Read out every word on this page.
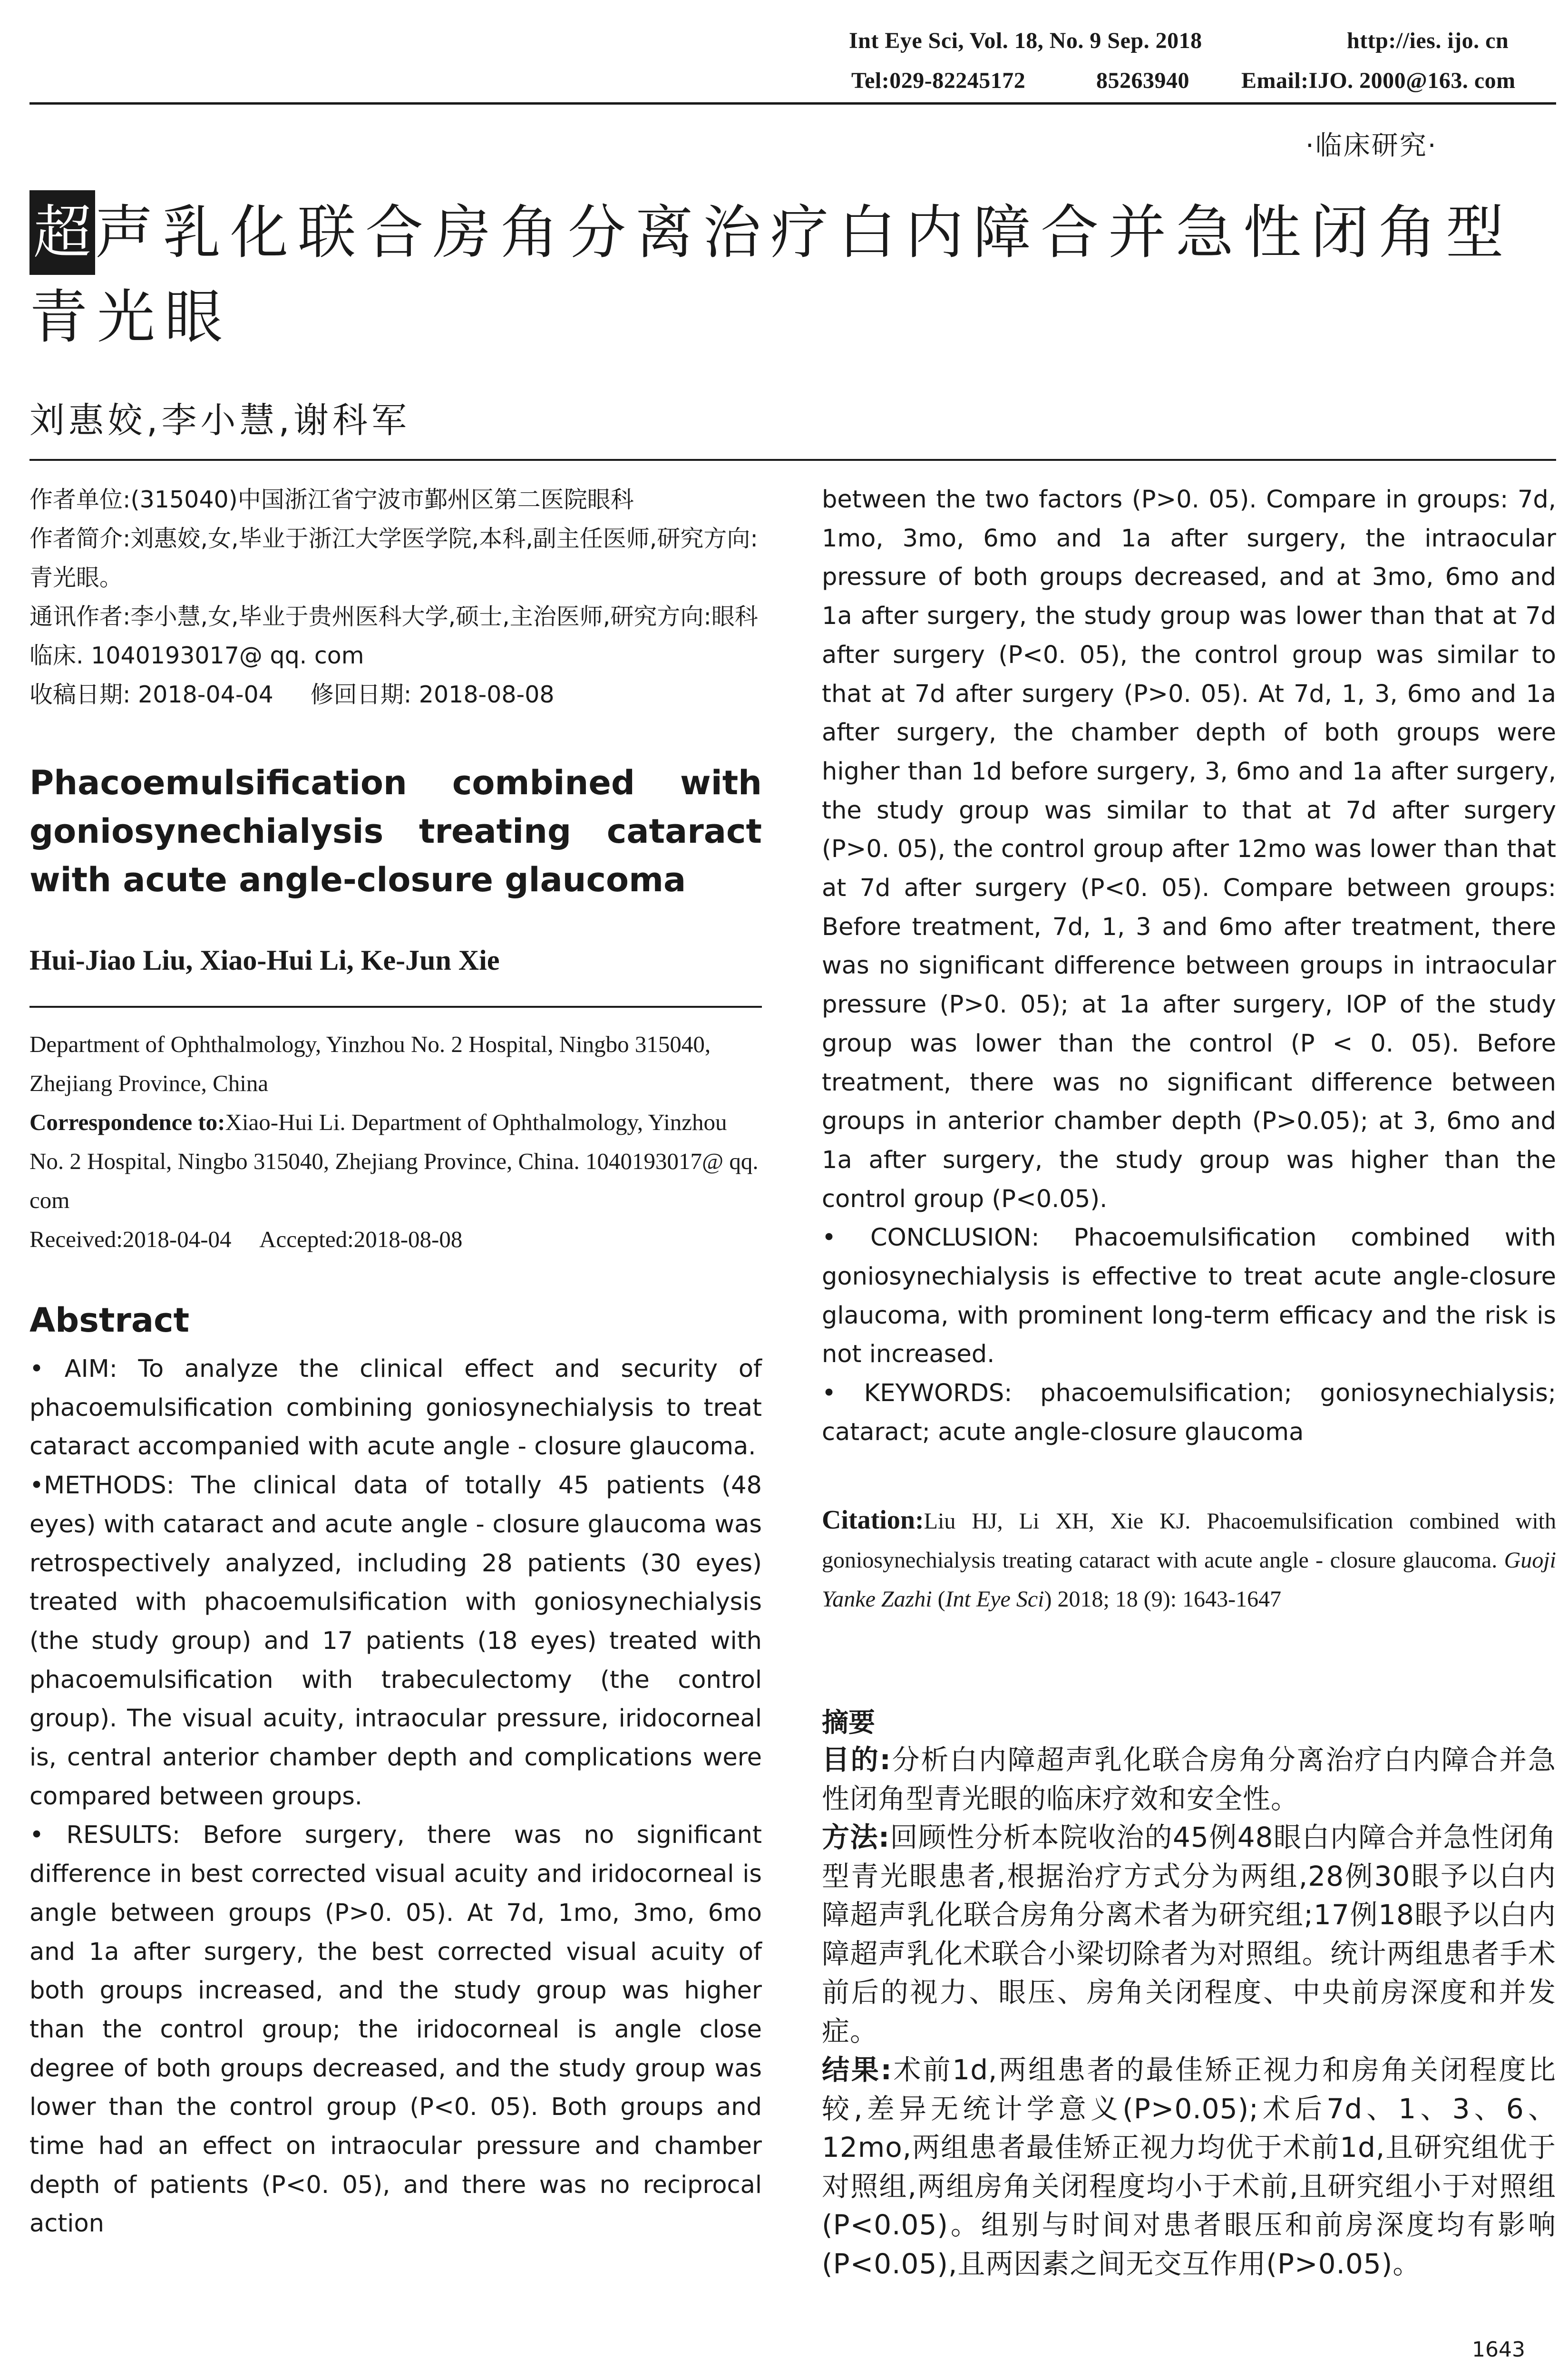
Int Eye Sci, Vol. 18, No. 9 Sep. 2018	http://ies. ijo. cn
Tel:029-82245172	85263940 Email:IJO. 2000@163. com
·临床研究·
超声乳化联合房角分离治疗白内障合并急性闭角型青光眼
刘惠姣,李小慧,谢科军
作者单位:(315040)中国浙江省宁波市鄞州区第二医院眼科
作者简介:刘惠姣,女,毕业于浙江大学医学院,本科,副主任医师,研究方向:青光眼。
通讯作者:李小慧,女,毕业于贵州医科大学,硕士,主治医师,研究方向:眼科临床. 1040193017@ qq. com
收稿日期: 2018-04-04     修回日期: 2018-08-08
Phacoemulsification combined with goniosynechialysis treating cataract with acute angle-closure glaucoma
Hui-Jiao Liu, Xiao-Hui Li, Ke-Jun Xie
Department of Ophthalmology, Yinzhou No. 2 Hospital, Ningbo 315040, Zhejiang Province, China
Correspondence to:Xiao-Hui Li. Department of Ophthalmology, Yinzhou No. 2 Hospital, Ningbo 315040, Zhejiang Province, China. 1040193017@ qq. com
Received:2018-04-04     Accepted:2018-08-08
Abstract

• AIM: To analyze the clinical effect and security of phacoemulsification combining goniosynechialysis to treat cataract accompanied with acute angle - closure glaucoma.

•METHODS: The clinical data of totally 45 patients (48 eyes) with cataract and acute angle - closure glaucoma was retrospectively analyzed, including 28 patients (30 eyes) treated with phacoemulsification with goniosynechialysis (the study group) and 17 patients (18 eyes) treated with phacoemulsification with trabeculectomy (the control group). The visual acuity, intraocular pressure, iridocorneal is, central anterior chamber depth and complications were compared between groups.

• RESULTS: Before surgery, there was no significant difference in best corrected visual acuity and iridocorneal is angle between groups (P>0. 05). At 7d, 1mo, 3mo, 6mo and 1a after surgery, the best corrected visual acuity of both groups increased, and the study group was higher than the control group; the iridocorneal is angle close degree of both groups decreased, and the study group was lower than the control group (P<0. 05). Both groups and time had an effect on intraocular pressure and chamber depth of patients (P<0. 05), and there was no reciprocal action

between the two factors (P>0. 05). Compare in groups: 7d, 1mo, 3mo, 6mo and 1a after surgery, the intraocular pressure of both groups decreased, and at 3mo, 6mo and 1a after surgery, the study group was lower than that at 7d after surgery (P<0. 05), the control group was similar to that at 7d after surgery (P>0. 05). At 7d, 1, 3, 6mo and 1a after surgery, the chamber depth of both groups were higher than 1d before surgery, 3, 6mo and 1a after surgery, the study group was similar to that at 7d after surgery (P>0. 05), the control group after 12mo was lower than that at 7d after surgery (P<0. 05). Compare between groups: Before treatment, 7d, 1, 3 and 6mo after treatment, there was no significant difference between groups in intraocular pressure (P>0. 05); at 1a after surgery, IOP of the study group was lower than the control (P < 0. 05). Before treatment, there was no significant difference between groups in anterior chamber depth (P>0.05); at 3, 6mo and 1a after surgery, the study group was higher than the control group (P<0.05).

• CONCLUSION: Phacoemulsification combined with goniosynechialysis is effective to treat acute angle-closure glaucoma, with prominent long-term efficacy and the risk is not increased.

• KEYWORDS: phacoemulsification; goniosynechialysis; cataract; acute angle-closure glaucoma

Citation:Liu HJ, Li XH, Xie KJ. Phacoemulsification combined with goniosynechialysis treating cataract with acute angle - closure glaucoma. Guoji Yanke Zazhi (Int Eye Sci) 2018; 18 (9): 1643-1647
摘要

目的:分析白内障超声乳化联合房角分离治疗白内障合并急性闭角型青光眼的临床疗效和安全性。

方法:回顾性分析本院收治的45例48眼白内障合并急性闭角型青光眼患者,根据治疗方式分为两组,28例30眼予以白内障超声乳化联合房角分离术者为研究组;17例18眼予以白内障超声乳化术联合小梁切除者为对照组。统计两组患者手术前后的视力、眼压、房角关闭程度、中央前房深度和并发症。

结果:术前1d,两组患者的最佳矫正视力和房角关闭程度比较,差异无统计学意义(P>0.05);术后7d、1、3、6、12mo,两组患者最佳矫正视力均优于术前1d,且研究组优于对照组,两组房角关闭程度均小于术前,且研究组小于对照组(P<0.05)。组别与时间对患者眼压和前房深度均有影响(P<0.05),且两因素之间无交互作用(P>0.05)。

1643
